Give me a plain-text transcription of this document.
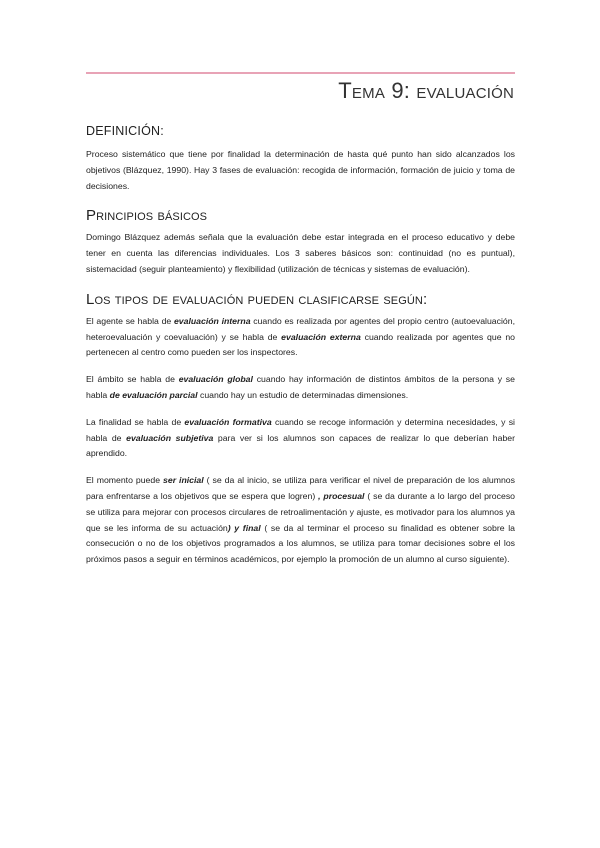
Tema 9: evaluación
DEFINICIÓN:

Proceso sistemático que tiene por finalidad la determinación de hasta qué punto han sido alcanzados los objetivos (Blázquez, 1990). Hay 3 fases de evaluación: recogida de información, formación de juicio y toma de decisiones.

Principios básicos

Domingo Blázquez además señala que la evaluación debe estar integrada en el proceso educativo y debe tener en cuenta las diferencias individuales. Los 3 saberes básicos son: continuidad (no es puntual), sistemacidad (seguir planteamiento) y flexibilidad (utilización de técnicas y sistemas de evaluación).

Los tipos de evaluación pueden clasificarse según:

El agente se habla de evaluación interna cuando es realizada por agentes del propio centro (autoevaluación, heteroevaluación y coevaluación) y se habla de evaluación externa cuando realizada por agentes que no pertenecen al centro como pueden ser los inspectores.

El ámbito se habla de evaluación global cuando hay información de distintos ámbitos de la persona y se habla de evaluación parcial cuando hay un estudio de determinadas dimensiones.

La finalidad se habla de evaluación formativa cuando se recoge información y determina necesidades, y si habla de evaluación subjetiva para ver si los alumnos son capaces de realizar lo que deberían haber aprendido.

El momento puede ser inicial ( se da al inicio, se utiliza para verificar el nivel de preparación de los alumnos para enfrentarse a los objetivos que se espera que logren) , procesual ( se da durante a lo largo del proceso se utiliza para mejorar con procesos circulares de retroalimentación y ajuste, es motivador para los alumnos ya que se les informa de su actuación) y final ( se da al terminar el proceso su finalidad es obtener sobre la consecución o no de los objetivos programados a los alumnos, se utiliza para tomar decisiones sobre el los próximos pasos a seguir en términos académicos, por ejemplo la promoción de un alumno al curso siguiente).
